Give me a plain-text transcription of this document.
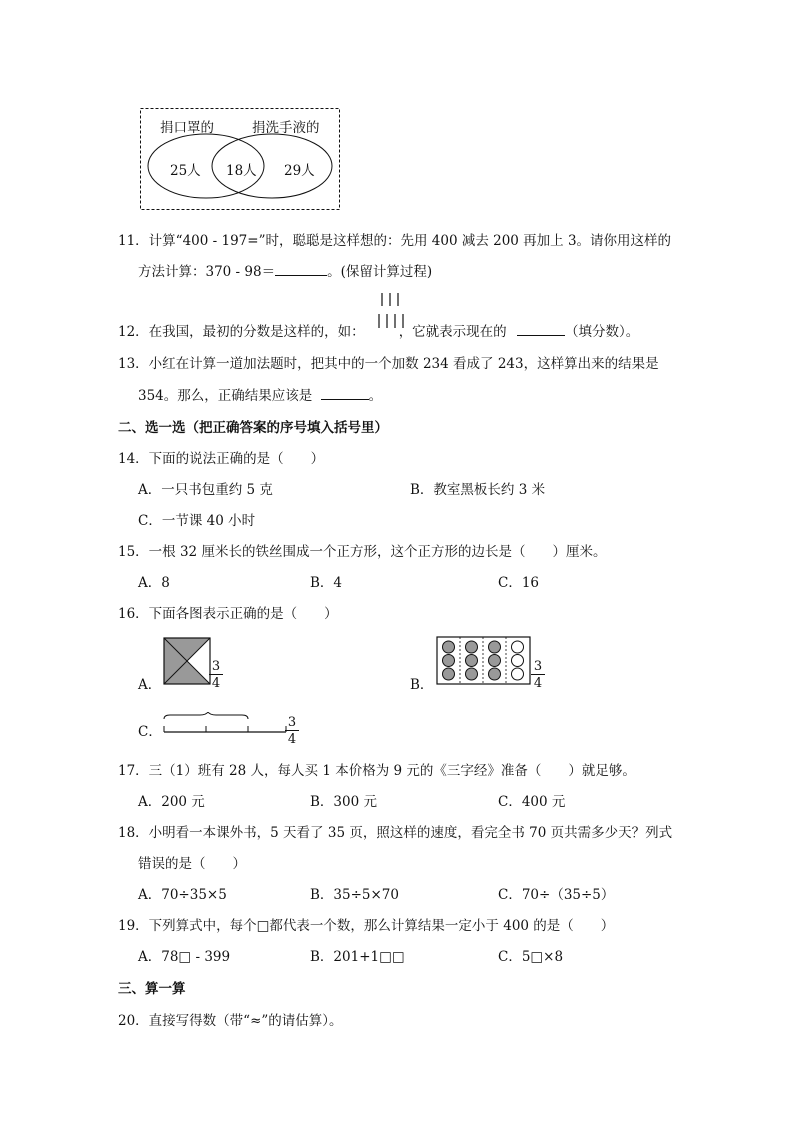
捐口罩的	捐洗手液的
25人 18人 29人
11．计算“400 - 197=”时，聪聪是这样想的：先用 400 减去 200 再加上 3。请你用这样的
方法计算：370 - 98＝	。(保留计算过程)
12．在我国，最初的分数是这样的，如：	，它就表示现在的	（填分数）。
13．小红在计算一道加法题时，把其中的一个加数 234 看成了 243，这样算出来的结果是
354。那么，正确结果应该是	。
二、选一选（把正确答案的序号填入括号里）
14．下面的说法正确的是（　　）
A．一只书包重约 5 克	B．教室黑板长约 3 米
C．一节课 40 小时
15．一根 32 厘米长的铁丝围成一个正方形，这个正方形的边长是（　　）厘米。
A．8	B．4	C．16
16．下面各图表示正确的是（　　）
A．
3
4	B．
3
4
C．
3
4
17．三（1）班有 28 人，每人买 1 本价格为 9 元的《三字经》准备（　　）就足够。
A．200 元	B．300 元	C．400 元
18．小明看一本课外书，5 天看了 35 页，照这样的速度，看完全书 70 页共需多少天？列式
错误的是（　　）
A．70÷35×5	B．35÷5×70	C．70÷（35÷5）
19．下列算式中，每个□都代表一个数，那么计算结果一定小于 400 的是（　　）
A．78□ - 399	B．201+1□□	C．5□×8
三、算一算
20．直接写得数（带“≈”的请估算）。
